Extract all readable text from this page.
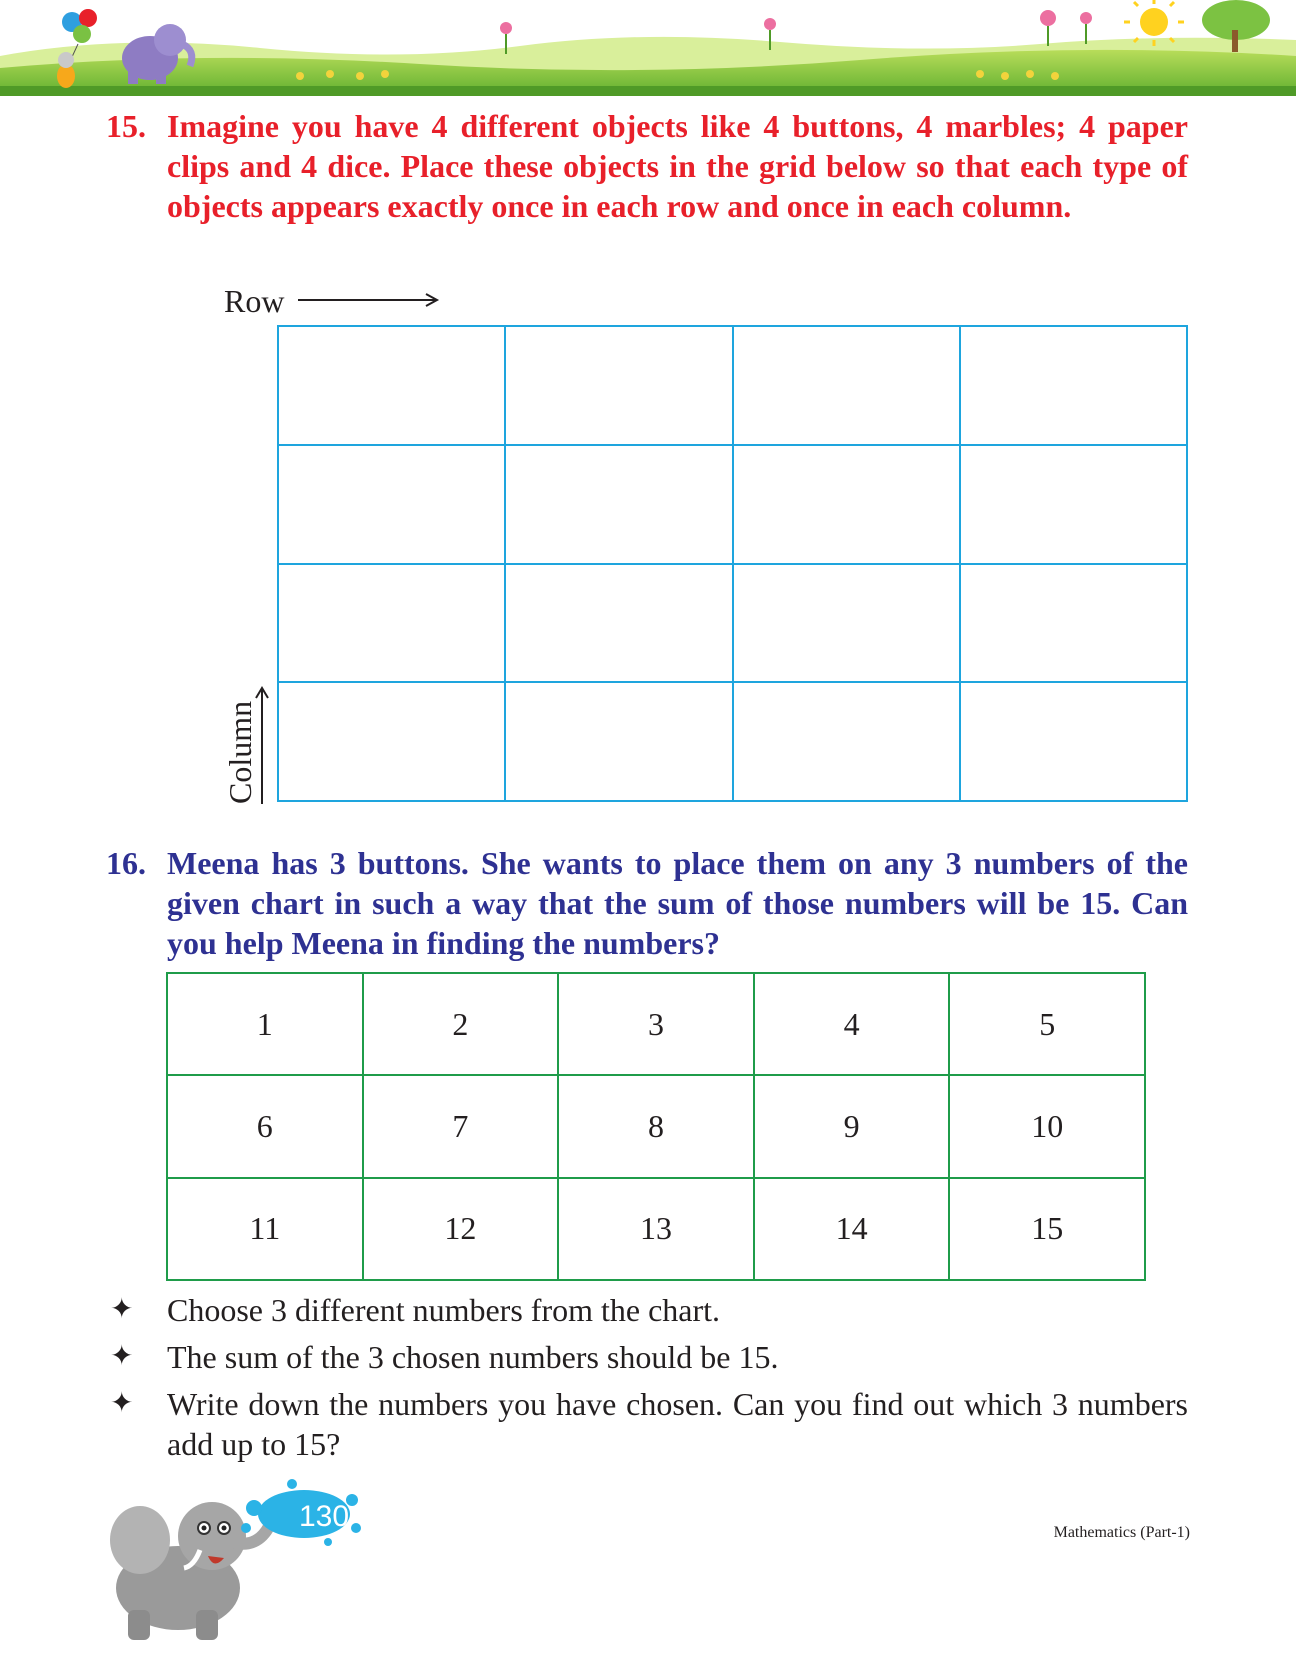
15. Imagine you have 4 different objects like 4 buttons, 4 marbles; 4 paper clips and 4 dice. Place these objects in the grid below so that each type of objects appears exactly once in each row and once in each column.
Row
Column
16. Meena has 3 buttons. She wants to place them on any 3 numbers of the given chart in such a way that the sum of those numbers will be 15. Can you help Meena in finding the numbers?
1	2	3	4	5
6	7	8	9	10
11	12	13	14	15
✦	Choose 3 different numbers from the chart.
✦	The sum of the 3 chosen numbers should be 15.
✦	Write down the numbers you have chosen. Can you find out which 3 numbers add up to 15?
130	Mathematics (Part-1)
